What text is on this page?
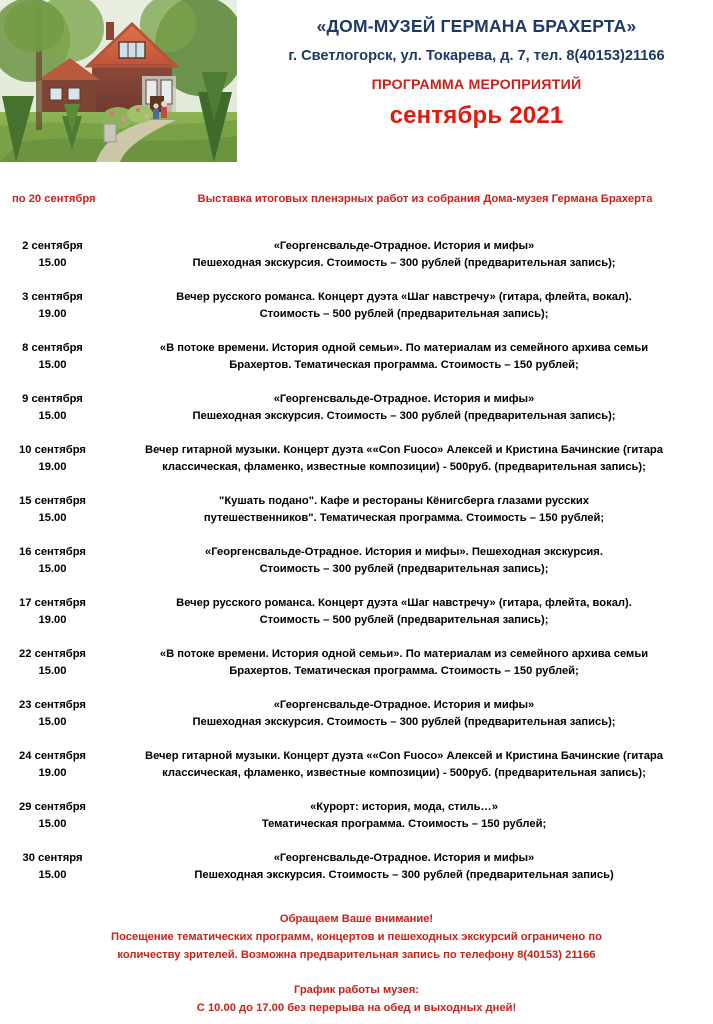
«ДОМ-МУЗЕЙ ГЕРМАНА БРАХЕРТА»
г. Светлогорск, ул. Токарева, д. 7, тел. 8(40153)21166
ПРОГРАММА МЕРОПРИЯТИЙ
сентябрь 2021
по 20 сентября	Выставка итоговых пленэрных работ из собрания Дома-музея Германа Брахерта
2 сентября
15.00
«Георгенсвальде-Отрадное. История и мифы»
Пешеходная экскурсия. Стоимость – 300 рублей (предварительная запись);
3 сентября
19.00
Вечер русского романса. Концерт дуэта «Шаг навстречу» (гитара, флейта, вокал).
Стоимость – 500 рублей (предварительная запись);
8 сентября
15.00
«В потоке времени. История одной семьи». По материалам из семейного архива семьи
Брахертов. Тематическая программа. Стоимость – 150 рублей;
9 сентября
15.00
«Георгенсвальде-Отрадное. История и мифы»
Пешеходная экскурсия. Стоимость – 300 рублей (предварительная запись);
10 сентября
19.00
Вечер гитарной музыки. Концерт дуэта ««Con Fuoco» Алексей и Кристина Бачинские (гитара
классическая, фламенко, известные композиции) - 500руб. (предварительная запись);
15 сентября
15.00
"Кушать подано". Кафе и рестораны Кёнигсберга глазами русских
путешественников". Тематическая программа. Стоимость – 150 рублей;
16 сентября
15.00
«Георгенсвальде-Отрадное. История и мифы». Пешеходная экскурсия.
Стоимость – 300 рублей (предварительная запись);
17 сентября
19.00
Вечер русского романса. Концерт дуэта «Шаг навстречу» (гитара, флейта, вокал).
Стоимость – 500 рублей (предварительная запись);
22 сентября
15.00
«В потоке времени. История одной семьи». По материалам из семейного архива семьи
Брахертов. Тематическая программа. Стоимость – 150 рублей;
23 сентября
15.00
«Георгенсвальде-Отрадное. История и мифы»
Пешеходная экскурсия. Стоимость – 300 рублей (предварительная запись);
24 сентября
19.00
Вечер гитарной музыки. Концерт дуэта ««Con Fuoco» Алексей и Кристина Бачинские (гитара
классическая, фламенко, известные композиции) - 500руб. (предварительная запись);
29 сентября
15.00
«Курорт: история, мода, стиль…»
Тематическая программа. Стоимость – 150 рублей;
30 сентяря
15.00
«Георгенсвальде-Отрадное. История и мифы»
Пешеходная экскурсия. Стоимость – 300 рублей (предварительная запись)
Обращаем Ваше внимание!
Посещение тематических программ, концертов и пешеходных экскурсий ограничено по
количеству зрителей. Возможна предварительная запись по телефону 8(40153) 21166
График работы музея:
С 10.00 до 17.00 без перерыва на обед и выходных дней!
